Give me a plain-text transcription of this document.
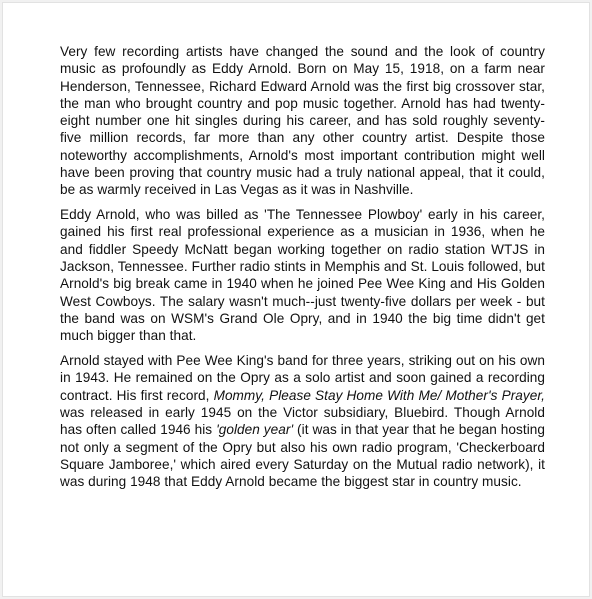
Very few recording artists have changed the sound and the look of country music as profoundly as Eddy Arnold. Born on May 15, 1918, on a farm near Henderson, Tennessee, Richard Edward Arnold was the first big crossover star, the man who brought country and pop music together. Arnold has had twenty-eight number one hit singles during his career, and has sold roughly seventy-five million records, far more than any other country artist. Despite those noteworthy accomplishments, Arnold's most important contribution might well have been proving that country music had a truly national appeal, that it could, be as warmly received in Las Vegas as it was in Nashville.

Eddy Arnold, who was billed as 'The Tennessee Plowboy' early in his career, gained his first real professional experience as a musician in 1936, when he and fiddler Speedy McNatt began working together on radio station WTJS in Jackson, Tennessee. Further radio stints in Memphis and St. Louis followed, but Arnold's big break came in 1940 when he joined Pee Wee King and His Golden West Cowboys. The salary wasn't much--just twenty-five dollars per week - but the band was on WSM's Grand Ole Opry, and in 1940 the big time didn't get much bigger than that.

Arnold stayed with Pee Wee King's band for three years, striking out on his own in 1943. He remained on the Opry as a solo artist and soon gained a recording contract. His first record, Mommy, Please Stay Home With Me/ Mother's Prayer, was released in early 1945 on the Victor subsidiary, Bluebird. Though Arnold has often called 1946 his 'golden year' (it was in that year that he began hosting not only a segment of the Opry but also his own radio program, 'Checkerboard Square Jamboree,' which aired every Saturday on the Mutual radio network), it was during 1948 that Eddy Arnold became the biggest star in country music.
